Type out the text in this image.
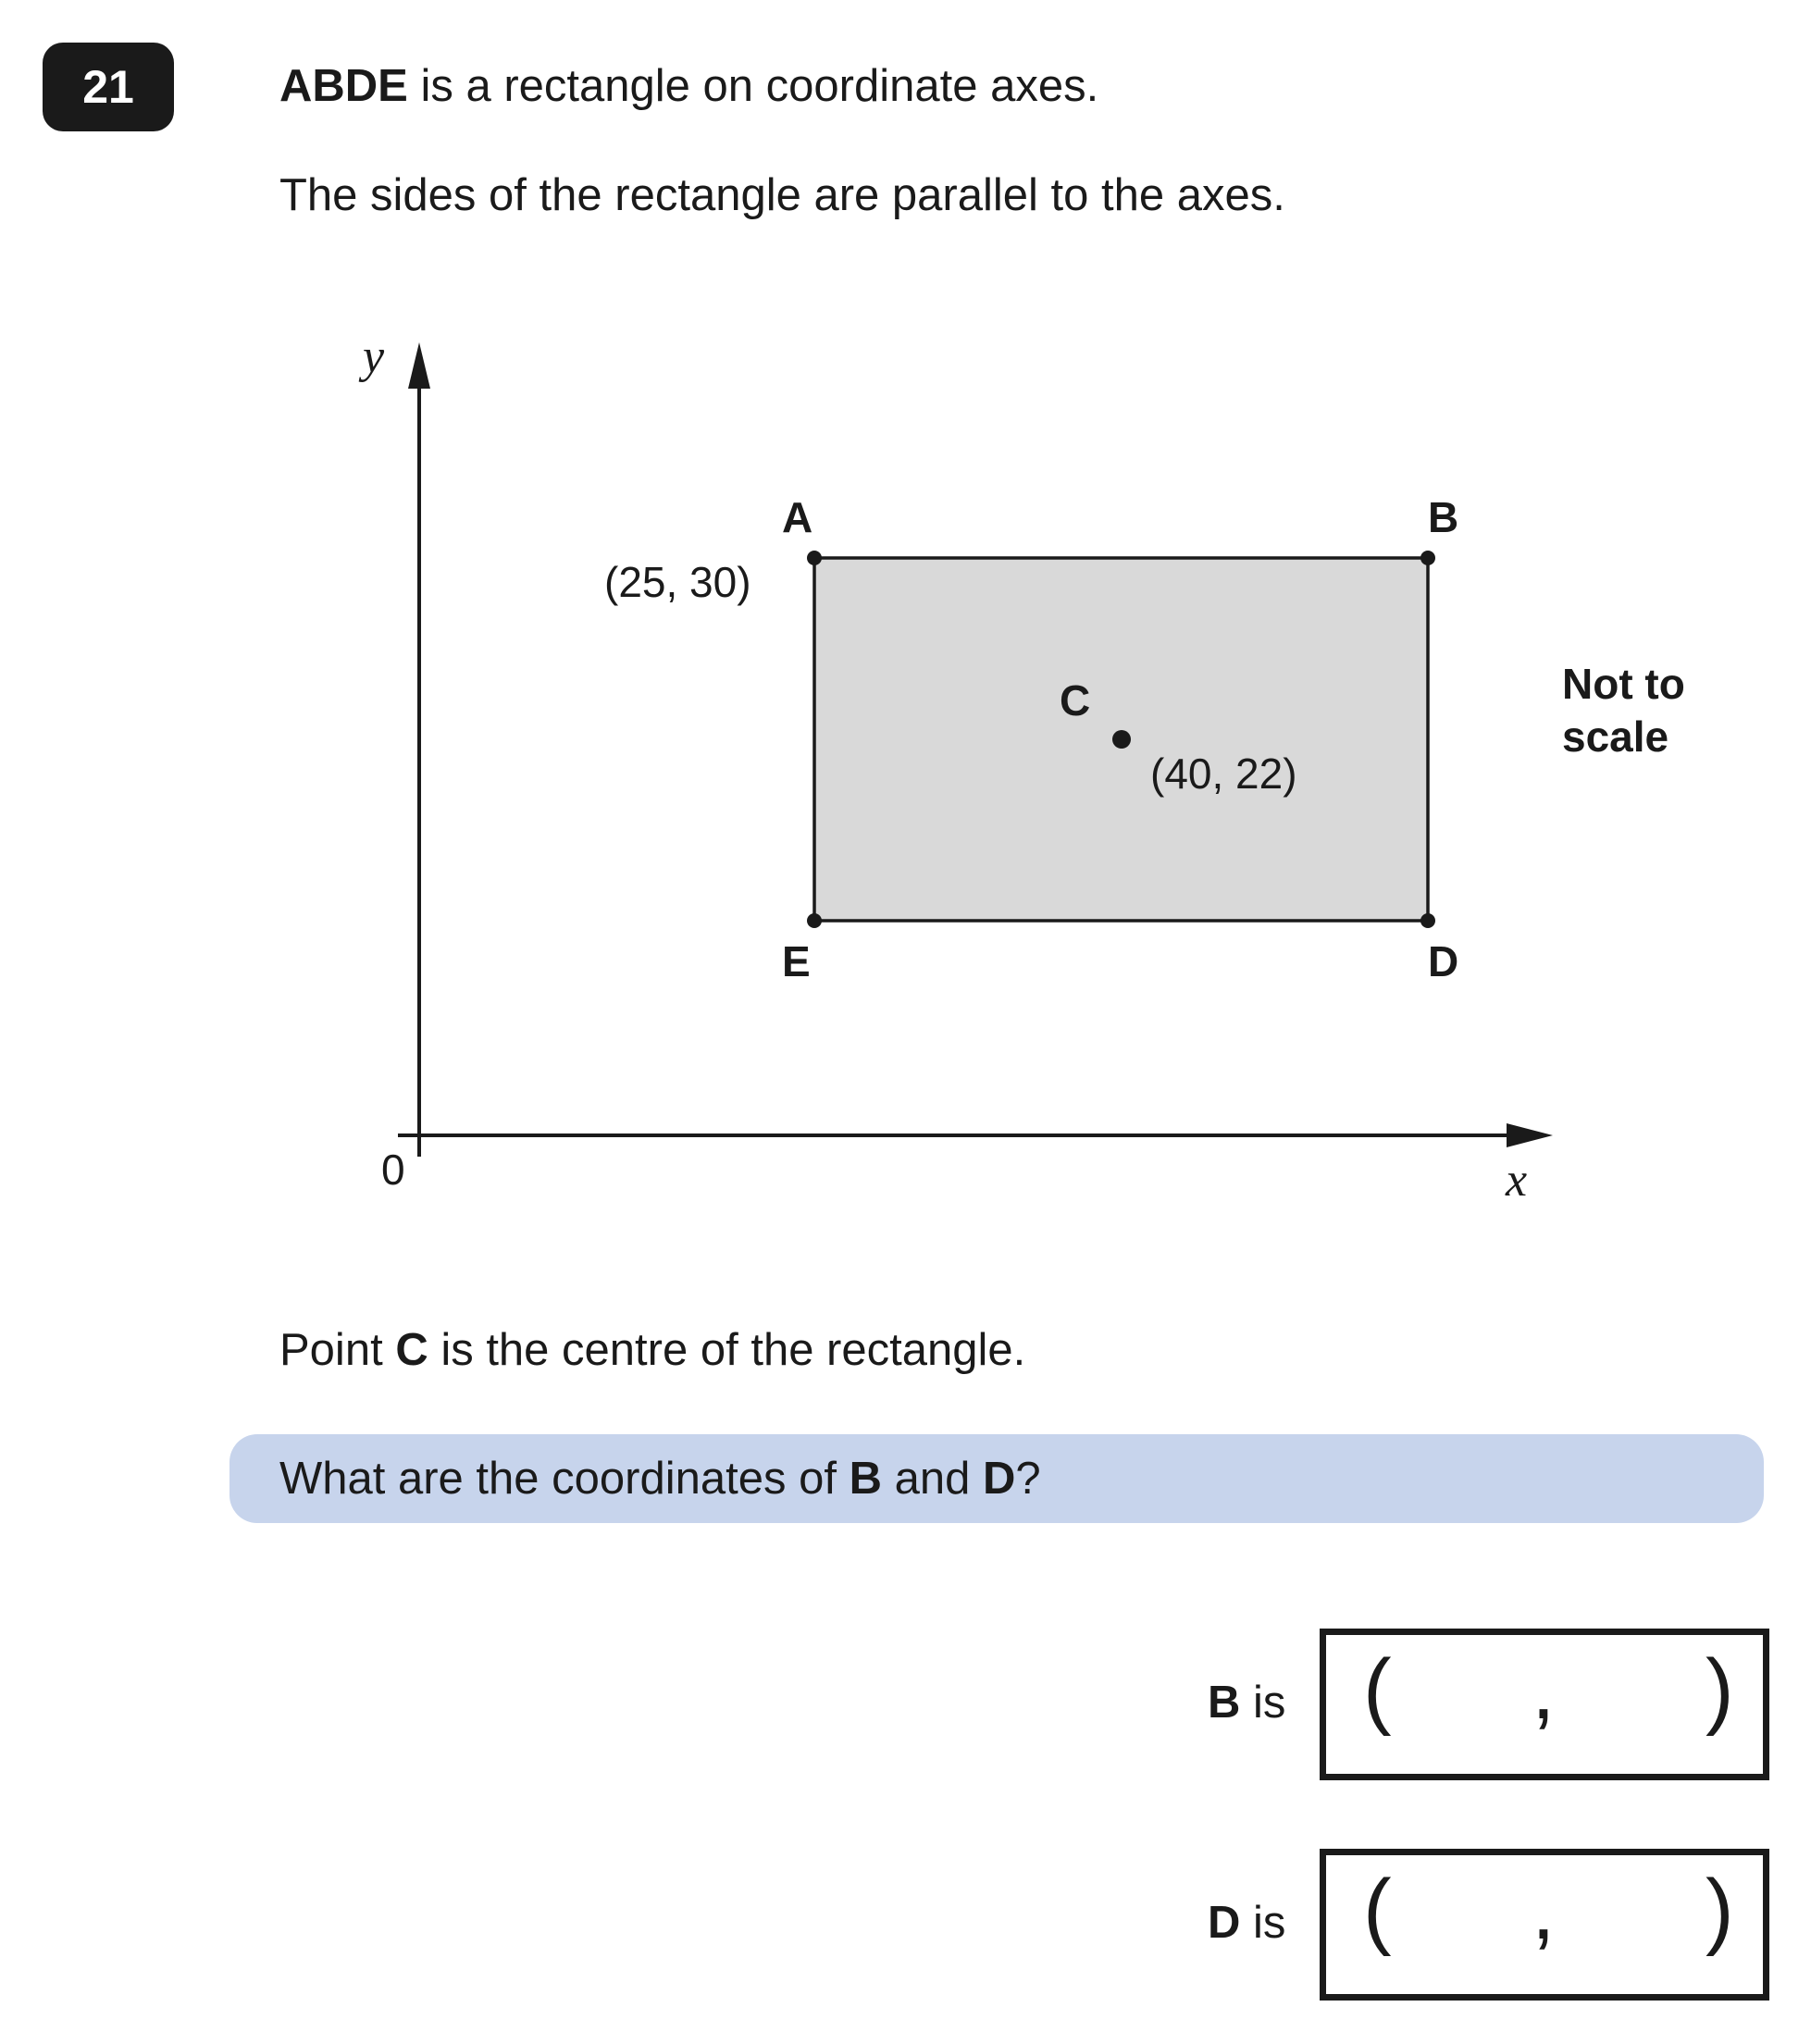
21	ABDE is a rectangle on coordinate axes.
The sides of the rectangle are parallel to the axes.
y
x
0
A	B
C
D
E
(25, 30)
(40, 22)
Not to
scale
Point C is the centre of the rectangle.
What are the coordinates of B and D?
B is ( , )
D is ( , )
